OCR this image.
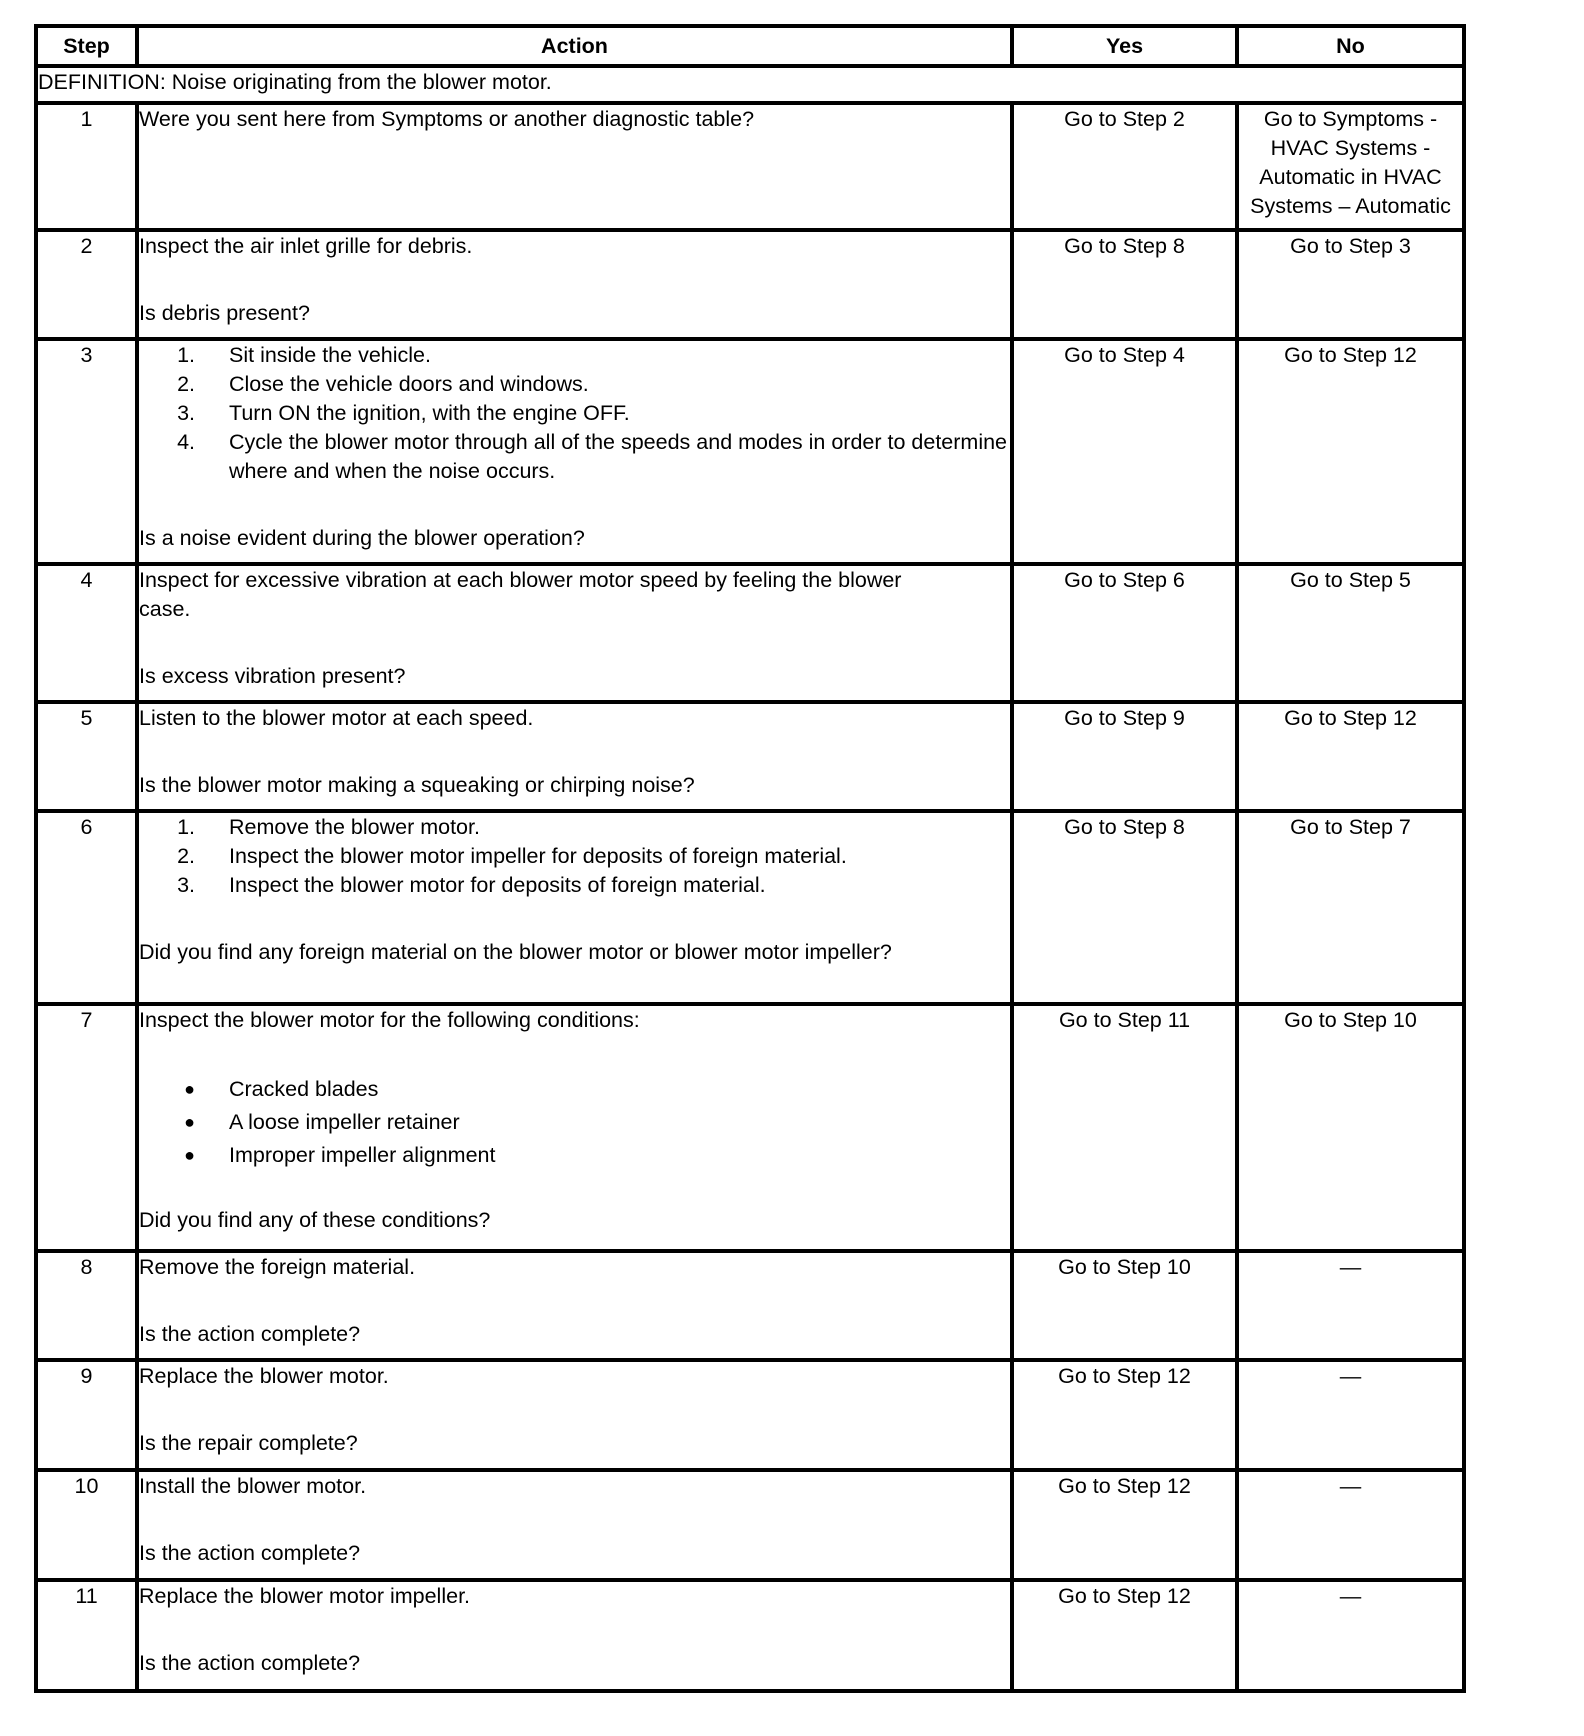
Step	Action	Yes	No
DEFINITION: Noise originating from the blower motor.			
1	Were you sent here from Symptoms or another diagnostic table?	Go to Step 2	Go to Symptoms -
HVAC Systems -
Automatic in HVAC
Systems – Automatic

2	Inspect the air inlet grille for debris.
Is debris present?	Go to Step 8	Go to Step 3
3	1.	Sit inside the vehicle.
2.	Close the vehicle doors and windows.
3.	Turn ON the ignition, with the engine OFF.
4.	Cycle the blower motor through all of the speeds and modes in order to determine where and when the noise occurs.
Is a noise evident during the blower operation?
	Go to Step 4	Go to Step 12
4	Inspect for excessive vibration at each blower motor speed by feeling the blower case.
Is excess vibration present?	Go to Step 6	Go to Step 5
5	Listen to the blower motor at each speed.
Is the blower motor making a squeaking or chirping noise?	Go to Step 9	Go to Step 12
6	1.	Remove the blower motor.
2.	Inspect the blower motor impeller for deposits of foreign material.
3.	Inspect the blower motor for deposits of foreign material.
Did you find any foreign material on the blower motor or blower motor impeller?
	Go to Step 8	Go to Step 7
7	Inspect the blower motor for the following conditions:
●	Cracked blades
●	A loose impeller retainer
●	Improper impeller alignment
Did you find any of these conditions?
	Go to Step 11	Go to Step 10
8	Remove the foreign material.
Is the action complete?	Go to Step 10	—
9	Replace the blower motor.
Is the repair complete?	Go to Step 12	—
10	Install the blower motor.
Is the action complete?	Go to Step 12	—
11	Replace the blower motor impeller.
Is the action complete?	Go to Step 12	—
